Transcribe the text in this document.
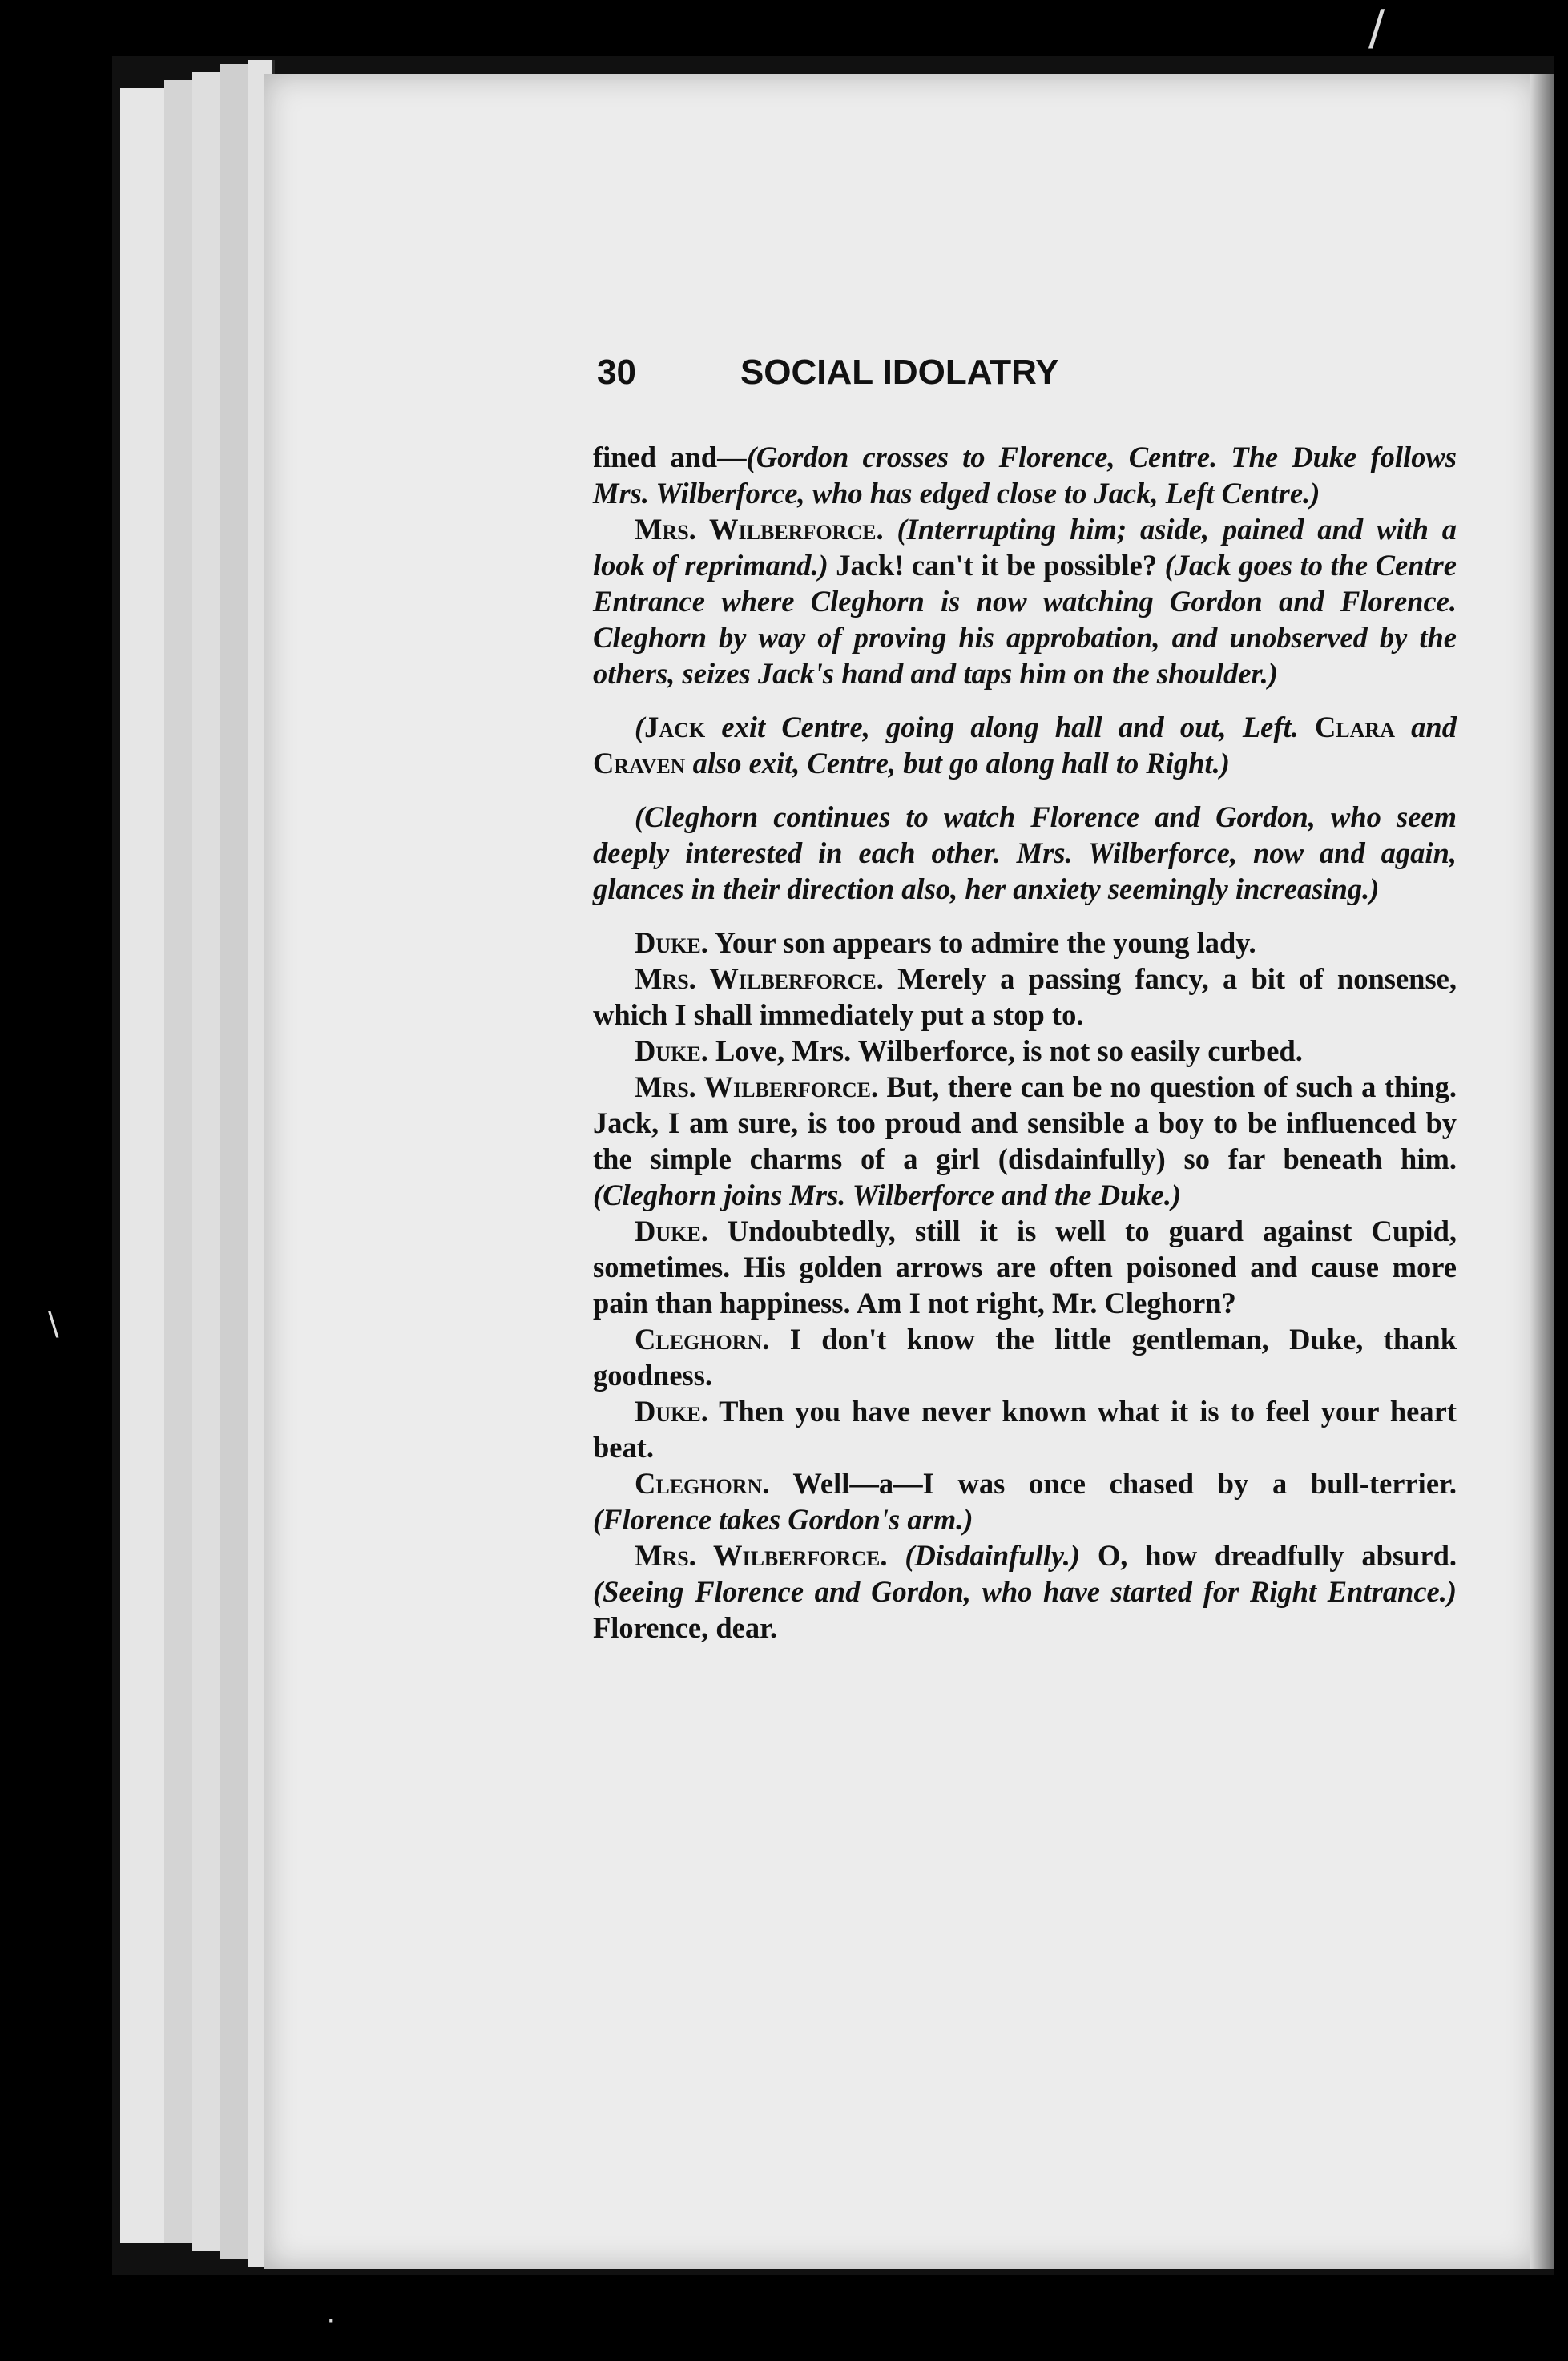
30	SOCIAL IDOLATRY

fined and—(Gordon crosses to Florence, Centre. The Duke follows Mrs. Wilberforce, who has edged close to Jack, Left Centre.)

Mrs. Wilberforce. (Interrupting him; aside, pained and with a look of reprimand.) Jack! can't it be possible? (Jack goes to the Centre Entrance where Cleghorn is now watching Gordon and Florence. Cleghorn by way of proving his approbation, and unobserved by the others, seizes Jack's hand and taps him on the shoulder.)

(Jack exit Centre, going along hall and out, Left. Clara and Craven also exit, Centre, but go along hall to Right.)

(Cleghorn continues to watch Florence and Gordon, who seem deeply interested in each other. Mrs. Wilberforce, now and again, glances in their direction also, her anxiety seemingly increasing.)

Duke. Your son appears to admire the young lady.

Mrs. Wilberforce. Merely a passing fancy, a bit of nonsense, which I shall immediately put a stop to.

Duke. Love, Mrs. Wilberforce, is not so easily curbed.

Mrs. Wilberforce. But, there can be no question of such a thing. Jack, I am sure, is too proud and sensible a boy to be influenced by the simple charms of a girl (disdainfully) so far beneath him. (Cleghorn joins Mrs. Wilberforce and the Duke.)

Duke. Undoubtedly, still it is well to guard against Cupid, sometimes. His golden arrows are often poisoned and cause more pain than happiness. Am I not right, Mr. Cleghorn?

Cleghorn. I don't know the little gentleman, Duke, thank goodness.

Duke. Then you have never known what it is to feel your heart beat.

Cleghorn. Well—a—I was once chased by a bull-terrier. (Florence takes Gordon's arm.)

Mrs. Wilberforce. (Disdainfully.) O, how dreadfully absurd. (Seeing Florence and Gordon, who have started for Right Entrance.) Florence, dear.

/
\
·
